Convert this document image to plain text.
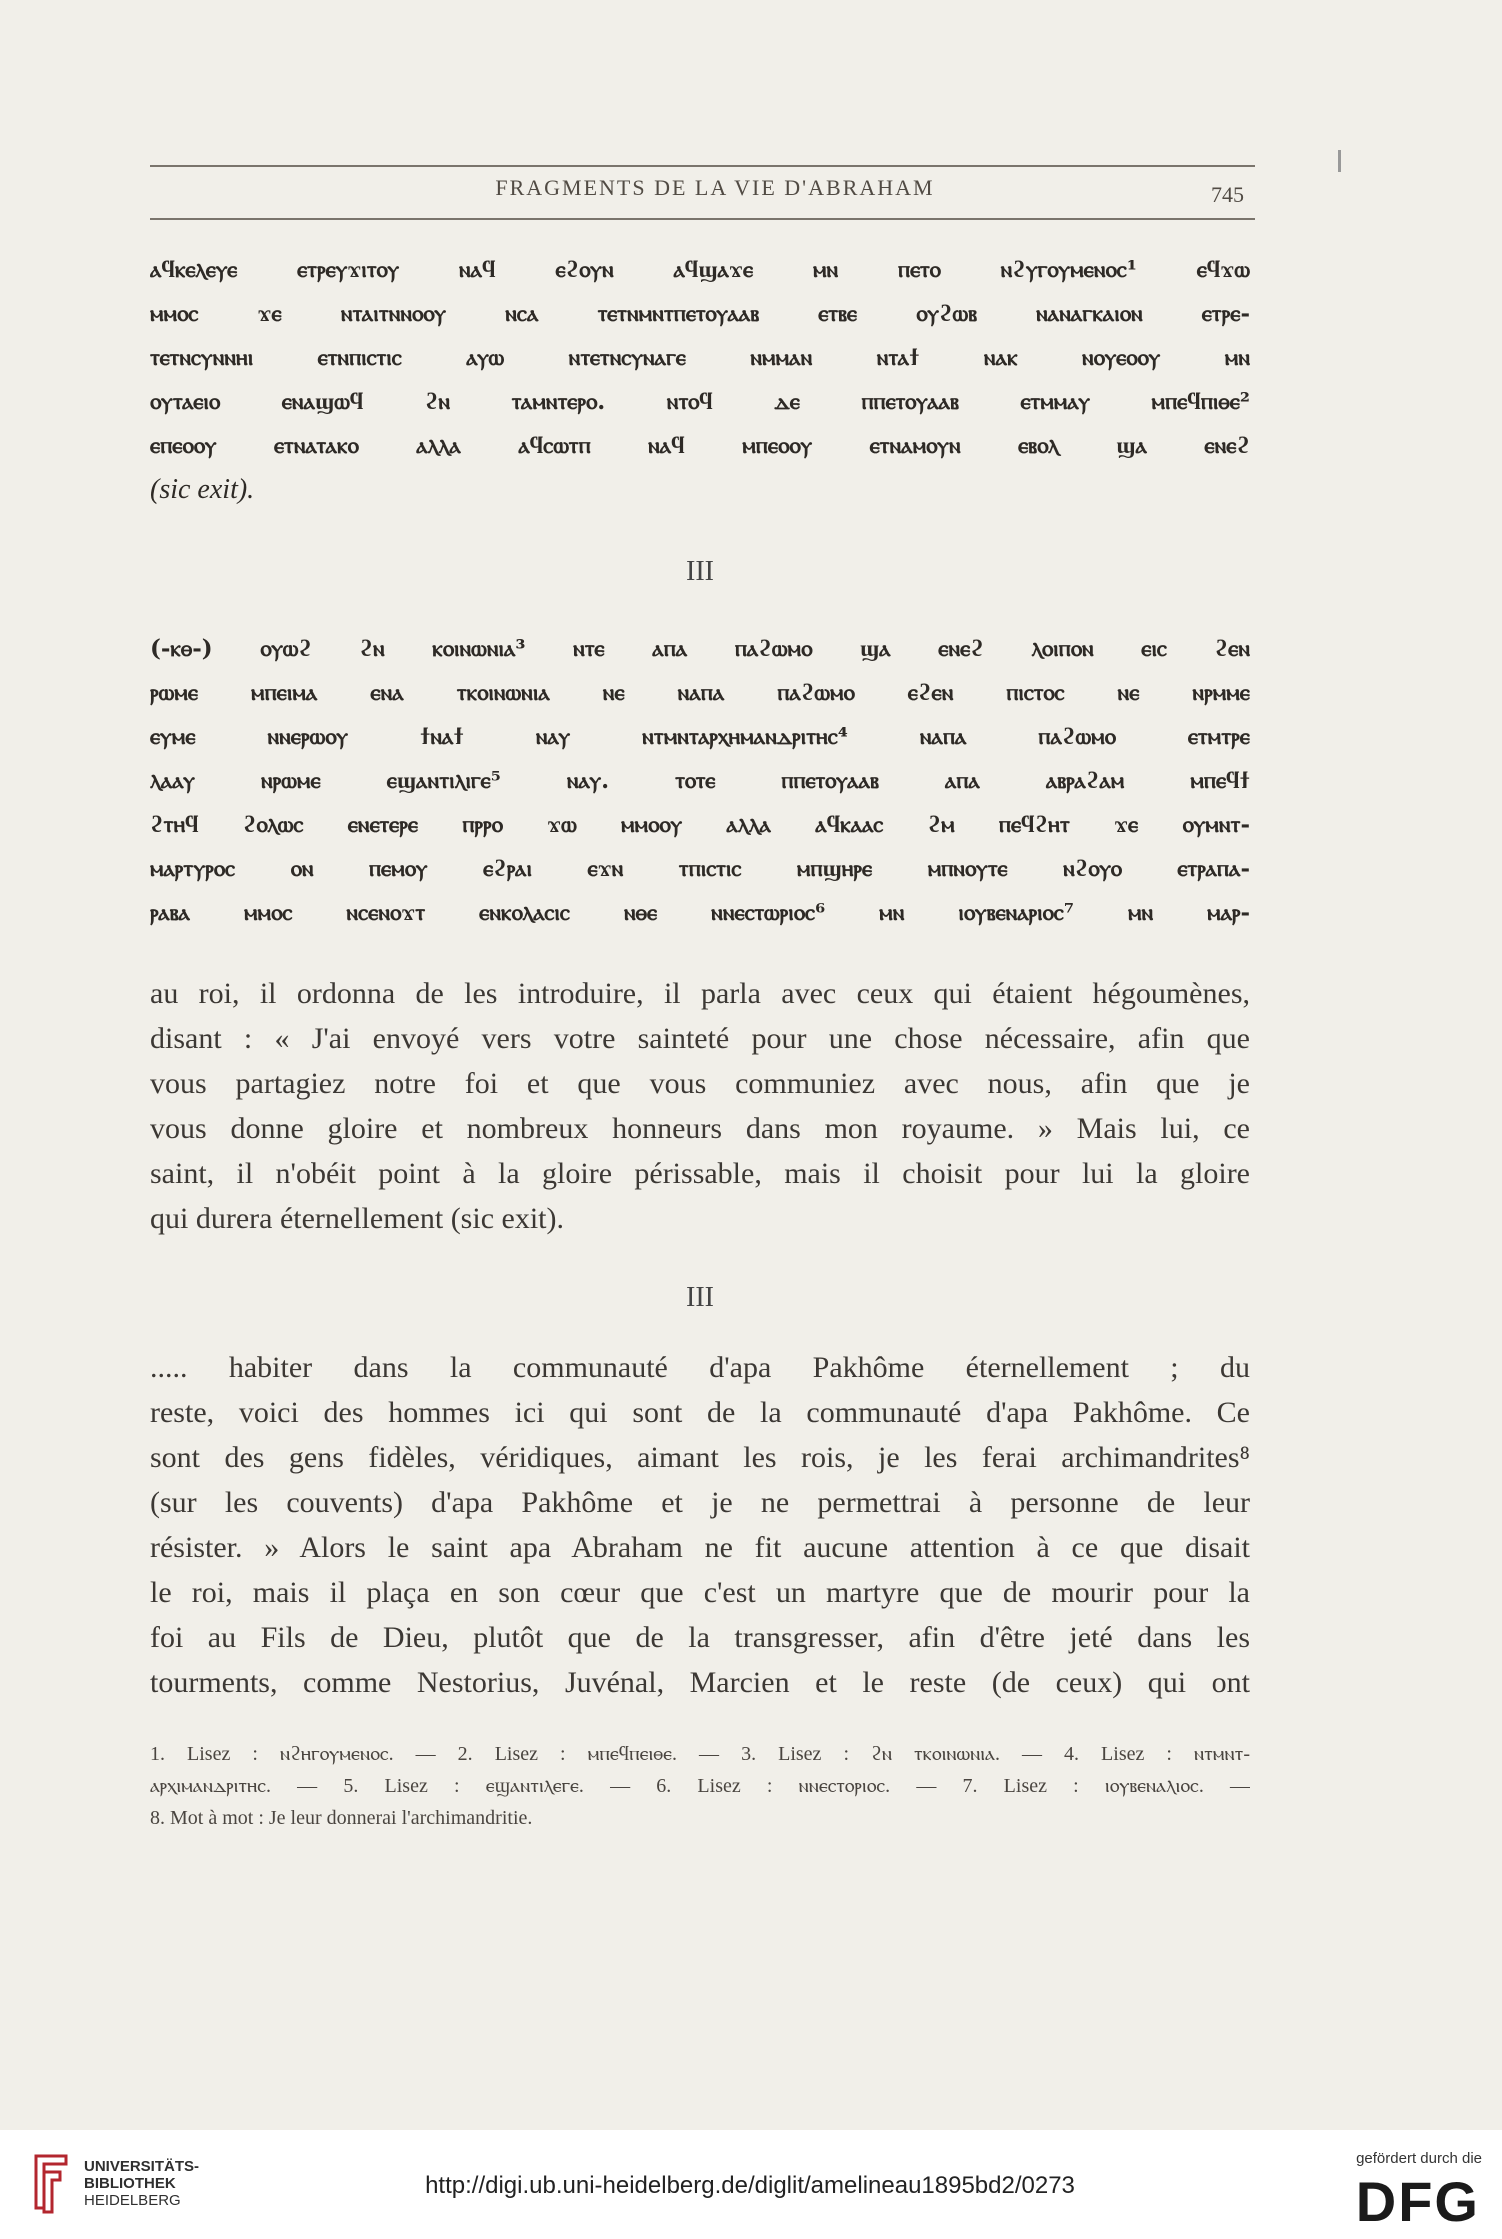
FRAGMENTS DE LA VIE D'ABRAHAM	745
ⲁϥⲕⲉⲗⲉⲩⲉ ⲉⲧⲣⲉⲩϫⲓⲧⲟⲩ ⲛⲁϥ ⲉϩⲟⲩⲛ ⲁϥϣⲁϫⲉ ⲙⲛ ⲡⲉⲧⲟ ⲛϩⲩⲅⲟⲩⲙⲉⲛⲟⲥ¹ ⲉϥϫⲱ
ⲙⲙⲟⲥ ϫⲉ ⲛⲧⲁⲓⲧⲛⲛⲟⲟⲩ ⲛⲥⲁ ⲧⲉⲧⲛⲙⲛⲧⲡⲉⲧⲟⲩⲁⲁⲃ ⲉⲧⲃⲉ ⲟⲩϩⲱⲃ ⲛⲁⲛⲁⲅⲕⲁⲓⲟⲛ ⲉⲧⲣⲉ-
ⲧⲉⲧⲛⲥⲩⲛⲛⲏⲓ ⲉⲧⲛⲡⲓⲥⲧⲓⲥ ⲁⲩⲱ ⲛⲧⲉⲧⲛⲥⲩⲛⲁⲅⲉ ⲛⲙⲙⲁⲛ ⲛⲧⲁϯ ⲛⲁⲕ ⲛⲟⲩⲉⲟⲟⲩ ⲙⲛ
ⲟⲩⲧⲁⲉⲓⲟ ⲉⲛⲁϣⲱϥ ϩⲛ ⲧⲁⲙⲛⲧⲉⲣⲟ. ⲛⲧⲟϥ ⲇⲉ ⲡⲡⲉⲧⲟⲩⲁⲁⲃ ⲉⲧⲙⲙⲁⲩ ⲙⲡⲉϥⲡⲓⲑⲉ²
ⲉⲡⲉⲟⲟⲩ ⲉⲧⲛⲁⲧⲁⲕⲟ ⲁⲗⲗⲁ ⲁϥⲥⲱⲧⲡ ⲛⲁϥ ⲙⲡⲉⲟⲟⲩ ⲉⲧⲛⲁⲙⲟⲩⲛ ⲉⲃⲟⲗ ϣⲁ ⲉⲛⲉϩ
(sic exit).
III
(-ⲕⲑ-) ⲟⲩⲱϩ ϩⲛ ⲕⲟⲓⲛⲱⲛⲓⲁ³ ⲛⲧⲉ ⲁⲡⲁ ⲡⲁϩⲱⲙⲟ ϣⲁ ⲉⲛⲉϩ ⲗⲟⲓⲡⲟⲛ ⲉⲓⲥ ϩⲉⲛ
ⲣⲱⲙⲉ ⲙⲡⲉⲓⲙⲁ ⲉⲛⲁ ⲧⲕⲟⲓⲛⲱⲛⲓⲁ ⲛⲉ ⲛⲁⲡⲁ ⲡⲁϩⲱⲙⲟ ⲉϩⲉⲛ ⲡⲓⲥⲧⲟⲥ ⲛⲉ ⲛⲣⲙⲙⲉ
ⲉⲩⲙⲉ ⲛⲛⲉⲣⲱⲟⲩ ϯⲛⲁϯ ⲛⲁⲩ ⲛⲧⲙⲛⲧⲁⲣⲭⲏⲙⲁⲛⲇⲣⲓⲧⲏⲥ⁴ ⲛⲁⲡⲁ ⲡⲁϩⲱⲙⲟ ⲉⲧⲙⲧⲣⲉ
ⲗⲁⲁⲩ ⲛⲣⲱⲙⲉ ⲉϣⲁⲛⲧⲓⲗⲓⲅⲉ⁵ ⲛⲁⲩ. ⲧⲟⲧⲉ ⲡⲡⲉⲧⲟⲩⲁⲁⲃ ⲁⲡⲁ ⲁⲃⲣⲁϩⲁⲙ ⲙⲡⲉϥϯ
ϩⲧⲏϥ ϩⲟⲗⲱⲥ ⲉⲛⲉⲧⲉⲣⲉ ⲡⲣⲣⲟ ϫⲱ ⲙⲙⲟⲟⲩ ⲁⲗⲗⲁ ⲁϥⲕⲁⲁⲥ ϩⲙ ⲡⲉϥϩⲏⲧ ϫⲉ ⲟⲩⲙⲛⲧ-
ⲙⲁⲣⲧⲩⲣⲟⲥ ⲟⲛ ⲡⲉⲙⲟⲩ ⲉϩⲣⲁⲓ ⲉϫⲛ ⲧⲡⲓⲥⲧⲓⲥ ⲙⲡϣⲏⲣⲉ ⲙⲡⲛⲟⲩⲧⲉ ⲛϩⲟⲩⲟ ⲉⲧⲣⲁⲡⲁ-
ⲣⲁⲃⲁ ⲙⲙⲟⲥ ⲛⲥⲉⲛⲟϫⲧ ⲉⲛⲕⲟⲗⲁⲥⲓⲥ ⲛⲑⲉ ⲛⲛⲉⲥⲧⲱⲣⲓⲟⲥ⁶ ⲙⲛ ⲓⲟⲩⲃⲉⲛⲁⲣⲓⲟⲥ⁷ ⲙⲛ ⲙⲁⲣ-
au roi, il ordonna de les introduire, il parla avec ceux qui étaient hégoumènes,
disant : « J'ai envoyé vers votre sainteté pour une chose nécessaire, afin que
vous partagiez notre foi et que vous communiez avec nous, afin que je
vous donne gloire et nombreux honneurs dans mon royaume. » Mais lui, ce
saint, il n'obéit point à la gloire périssable, mais il choisit pour lui la gloire
qui durera éternellement (sic exit).
III
..... habiter dans la communauté d'apa Pakhôme éternellement ; du
reste, voici des hommes ici qui sont de la communauté d'apa Pakhôme. Ce
sont des gens fidèles, véridiques, aimant les rois, je les ferai archimandrites⁸
(sur les couvents) d'apa Pakhôme et je ne permettrai à personne de leur
résister. » Alors le saint apa Abraham ne fit aucune attention à ce que disait
le roi, mais il plaça en son cœur que c'est un martyre que de mourir pour la
foi au Fils de Dieu, plutôt que de la transgresser, afin d'être jeté dans les
tourments, comme Nestorius, Juvénal, Marcien et le reste (de ceux) qui ont
1. Lisez : ⲛϩⲏⲅⲟⲩⲙⲉⲛⲟⲥ. — 2. Lisez : ⲙⲡⲉϥⲡⲉⲓⲑⲉ. — 3. Lisez : ϩⲛ ⲧⲕⲟⲓⲛⲱⲛⲓⲁ. — 4. Lisez : ⲛⲧⲙⲛⲧ-
ⲁⲣⲭⲓⲙⲁⲛⲇⲣⲓⲧⲏⲥ. — 5. Lisez : ⲉϣⲁⲛⲧⲓⲗⲉⲅⲉ. — 6. Lisez : ⲛⲛⲉⲥⲧⲟⲣⲓⲟⲥ. — 7. Lisez : ⲓⲟⲩⲃⲉⲛⲁⲗⲓⲟⲥ. —
8. Mot à mot : Je leur donnerai l'archimandritie.
UNIVERSITÄTS-
BIBLIOTHEK
HEIDELBERG
http://digi.ub.uni-heidelberg.de/diglit/amelineau1895bd2/0273
gefördert durch die
DFG
